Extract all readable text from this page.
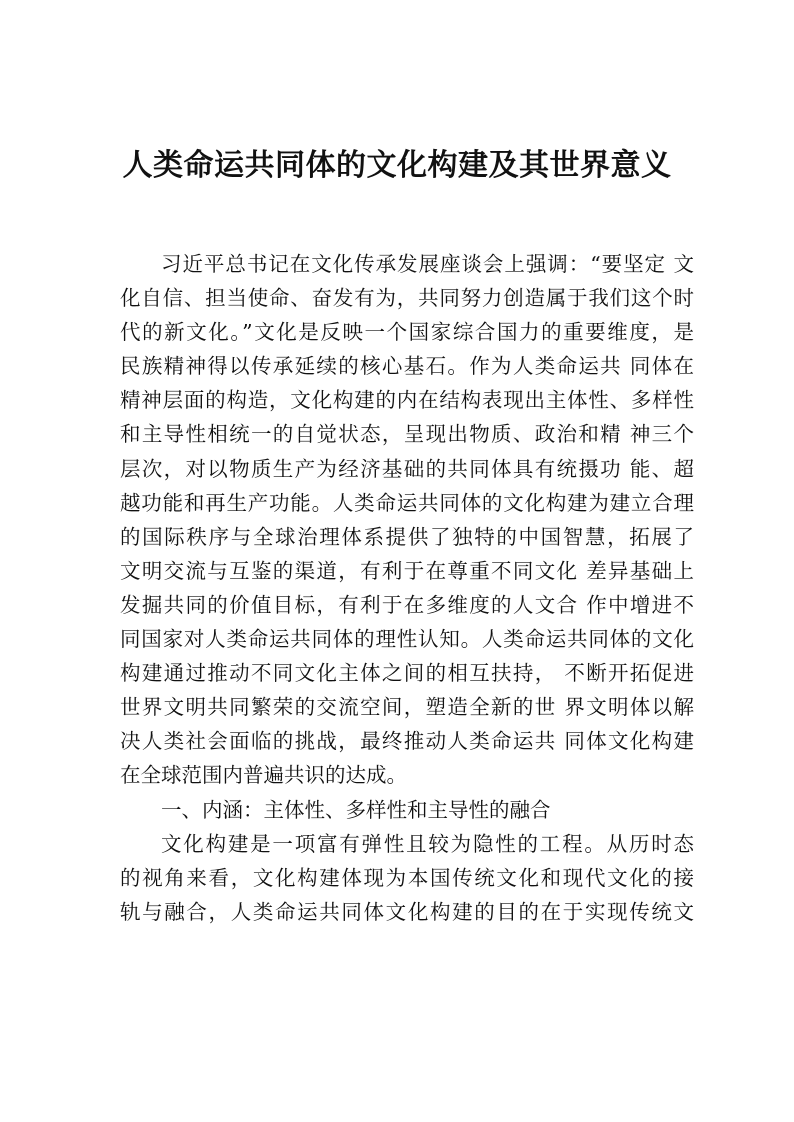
人类命运共同体的文化构建及其世界意义
习近平总书记在文化传承发展座谈会上强调：“要坚定 文
化自信、担当使命、奋发有为，共同努力创造属于我们这个时
代的新文化。”文化是反映一个国家综合国力的重要维度，是
民族精神得以传承延续的核心基石。作为人类命运共 同体在
精神层面的构造，文化构建的内在结构表现出主体性、多样性
和主导性相统一的自觉状态，呈现出物质、政治和精 神三个
层次，对以物质生产为经济基础的共同体具有统摄功 能、超
越功能和再生产功能。人类命运共同体的文化构建为建立合理
的国际秩序与全球治理体系提供了独特的中国智慧，拓展了
文明交流与互鉴的渠道，有利于在尊重不同文化 差异基础上
发掘共同的价值目标，有利于在多维度的人文合 作中增进不
同国家对人类命运共同体的理性认知。人类命运共同体的文化
构建通过推动不同文化主体之间的相互扶持， 不断开拓促进
世界文明共同繁荣的交流空间，塑造全新的世 界文明体以解
决人类社会面临的挑战，最终推动人类命运共 同体文化构建
在全球范围内普遍共识的达成。
一、内涵：主体性、多样性和主导性的融合
文化构建是一项富有弹性且较为隐性的工程。从历时态
的视角来看，文化构建体现为本国传统文化和现代文化的接
轨与融合，人类命运共同体文化构建的目的在于实现传统文
